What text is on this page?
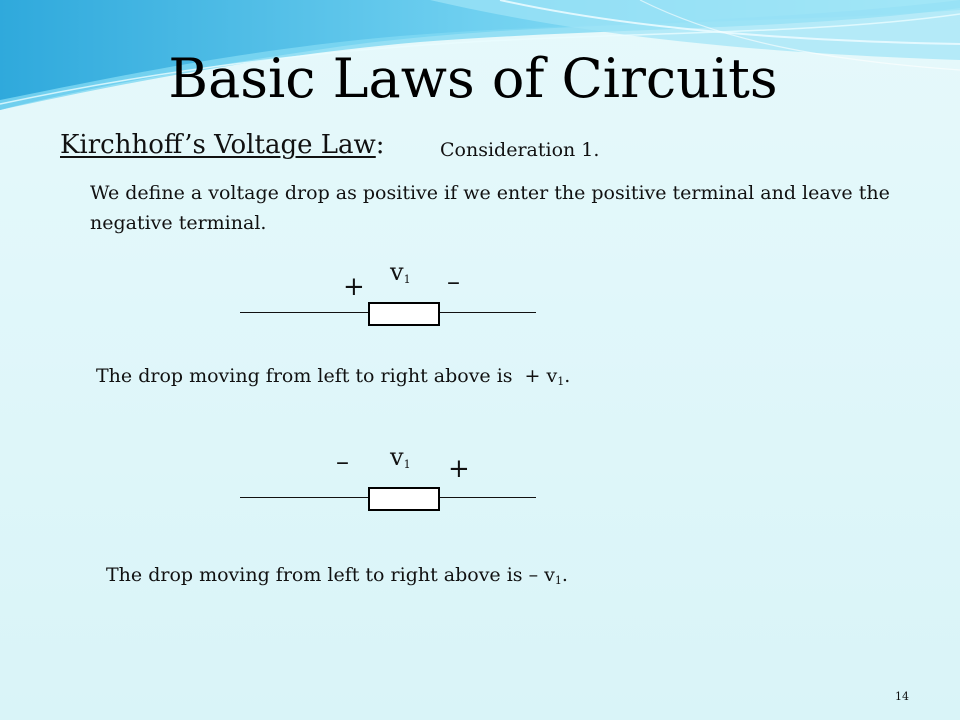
Basic Laws of Circuits
Kirchhoff’s Voltage Law:	Consideration 1.
We define a voltage drop as positive if we enter the positive terminal and leave the negative terminal.
+	–
$v_1$
The drop moving from left to right above is + $v_1$.
–	+
$v_1$
The drop moving from left to right above is – $v_1$.
14
